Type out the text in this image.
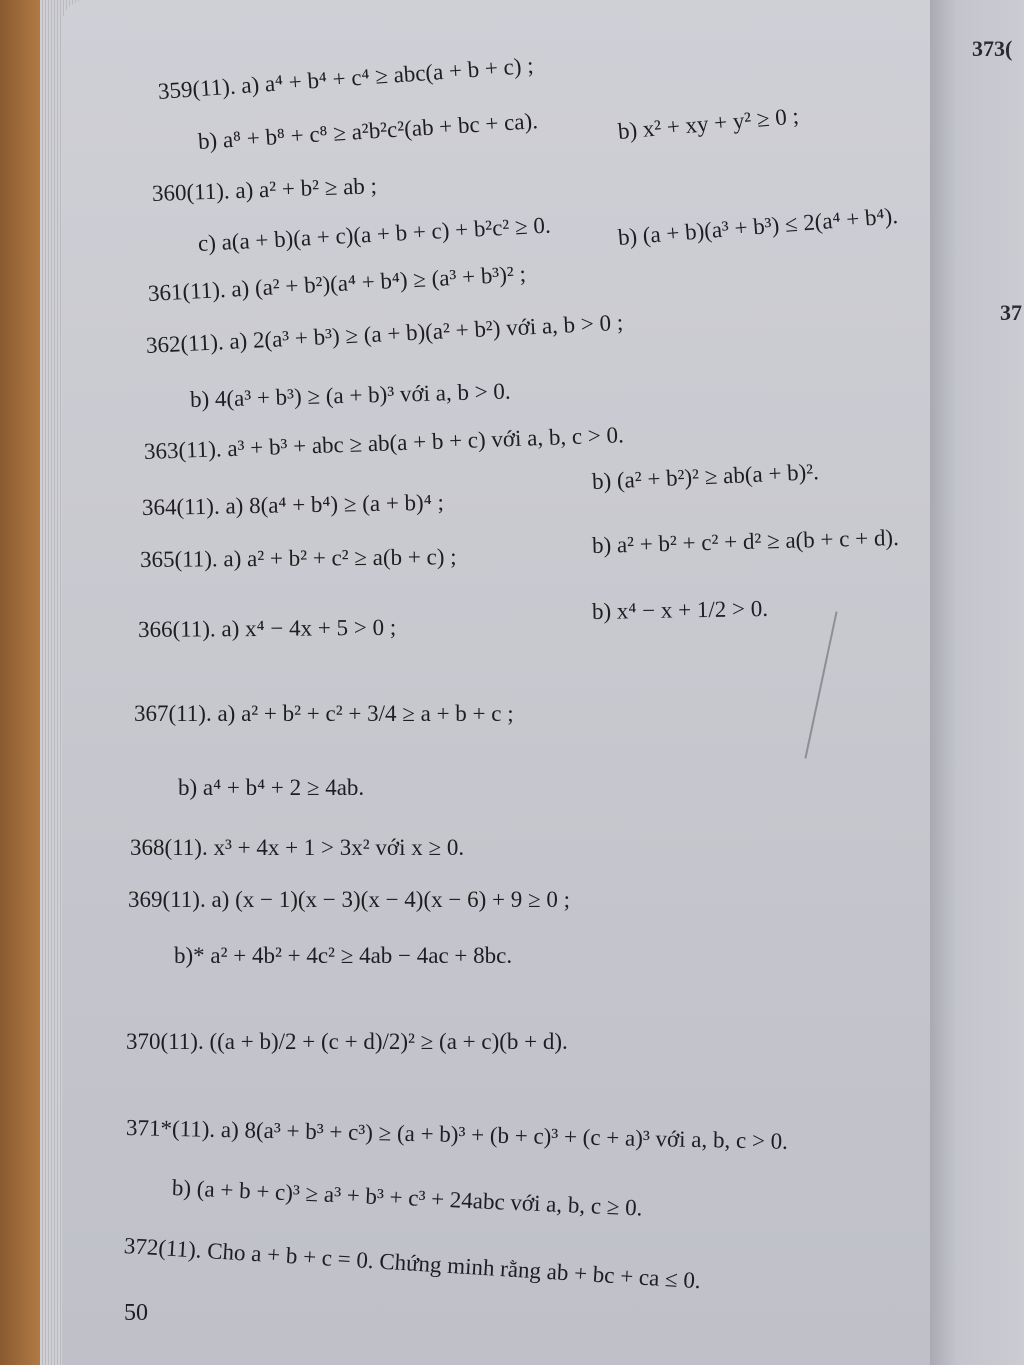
373(
37
359(11). a) a⁴ + b⁴ + c⁴ ≥ abc(a + b + c) ;
b) x² + xy + y² ≥ 0 ;
b) a⁸ + b⁸ + c⁸ ≥ a²b²c²(ab + bc + ca).
360(11). a) a² + b² ≥ ab ;
c) a(a + b)(a + c)(a + b + c) + b²c² ≥ 0.	b) (a + b)(a³ + b³) ≤ 2(a⁴ + b⁴).
361(11). a) (a² + b²)(a⁴ + b⁴) ≥ (a³ + b³)² ;
362(11). a) 2(a³ + b³) ≥ (a + b)(a² + b²) với a, b > 0 ;
b) 4(a³ + b³) ≥ (a + b)³ với a, b > 0.
363(11). a³ + b³ + abc ≥ ab(a + b + c) với a, b, c > 0.
b) (a² + b²)² ≥ ab(a + b)².
364(11). a) 8(a⁴ + b⁴) ≥ (a + b)⁴ ;
b) a² + b² + c² + d² ≥ a(b + c + d).
365(11). a) a² + b² + c² ≥ a(b + c) ;
366(11). a) x⁴ − 4x + 5 > 0 ;
b) x⁴ − x + 1/2 > 0.
367(11). a) a² + b² + c² + 3/4 ≥ a + b + c ;
b) a⁴ + b⁴ + 2 ≥ 4ab.
368(11). x³ + 4x + 1 > 3x² với x ≥ 0.
369(11). a) (x − 1)(x − 3)(x − 4)(x − 6) + 9 ≥ 0 ;
b)* a² + 4b² + 4c² ≥ 4ab − 4ac + 8bc.
370(11). ((a + b)/2 + (c + d)/2)² ≥ (a + c)(b + d).
371*(11). a) 8(a³ + b³ + c³) ≥ (a + b)³ + (b + c)³ + (c + a)³ với a, b, c > 0.
b) (a + b + c)³ ≥ a³ + b³ + c³ + 24abc với a, b, c ≥ 0.
372(11). Cho a + b + c = 0. Chứng minh rằng ab + bc + ca ≤ 0.
50
